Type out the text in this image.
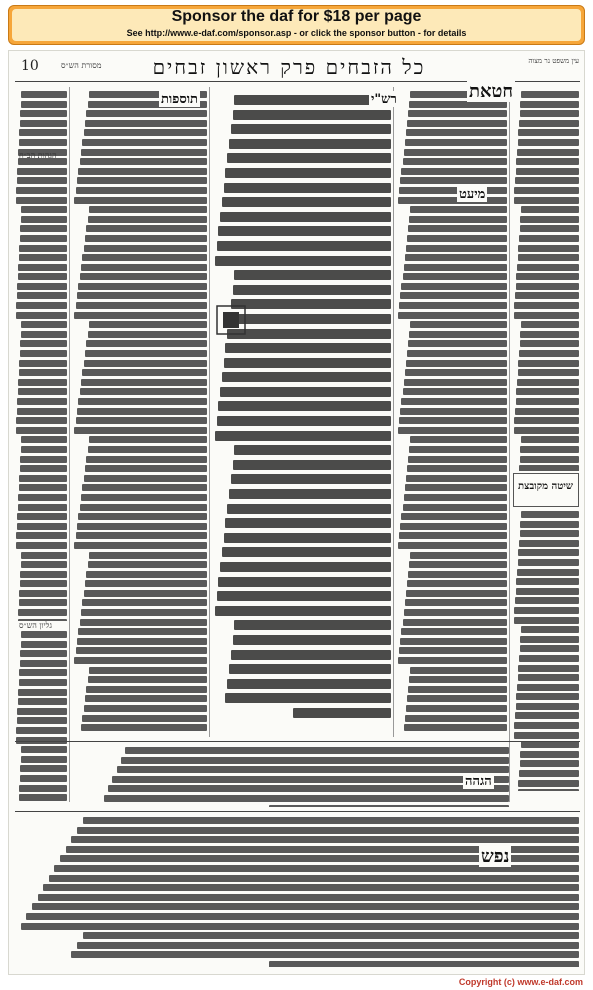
Sponsor the daf for $18 per page
See http://www.e-daf.com/sponsor.asp - or click the sponsor button - for details
10	מסורת הש״ס	כל הזבחים פרק ראשון זבחים	עין משפט נר מצוה
חטאת
מיעט
תוספות	רש"י
שיטה מקובצת
הגהה
נפש
גליון הש״ס
הגהות הב״ח
Copyright (c) www.e-daf.com
